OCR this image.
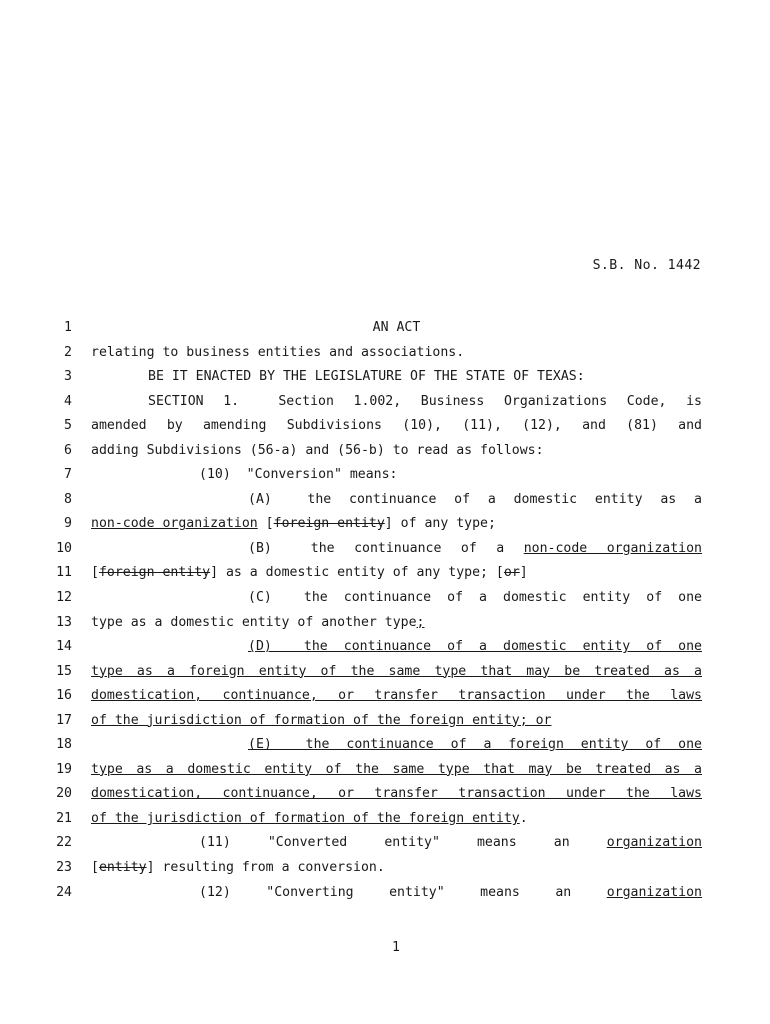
S.B. No. 1442
1	AN ACT
2 relating to business entities and associations.
3	BE IT ENACTED BY THE LEGISLATURE OF THE STATE OF TEXAS:
4	SECTION 1.  Section 1.002, Business Organizations Code, is
5 amended by amending Subdivisions (10), (11), (12), and (81) and
6 adding Subdivisions (56-a) and (56-b) to read as follows:
7	(10)  "Conversion" means:
8	(A)  the continuance of a domestic entity as a
9 non-code organization [foreign entity] of any type;
10	(B)  the continuance of a non-code organization
11 [foreign entity] as a domestic entity of any type; [or]
12	(C)  the continuance of a domestic entity of one
13 type as a domestic entity of another type;
14	(D)  the continuance of a domestic entity of one
15 type as a foreign entity of the same type that may be treated as a
16 domestication, continuance, or transfer transaction under the laws
17 of the jurisdiction of formation of the foreign entity; or
18	(E)  the continuance of a foreign entity of one
19 type as a domestic entity of the same type that may be treated as a
20 domestication, continuance, or transfer transaction under the laws
21 of the jurisdiction of formation of the foreign entity.
22	(11)  "Converted  entity"  means  an  organization
23 [entity] resulting from a conversion.
24	(12)  "Converting  entity"  means  an  organization
1
